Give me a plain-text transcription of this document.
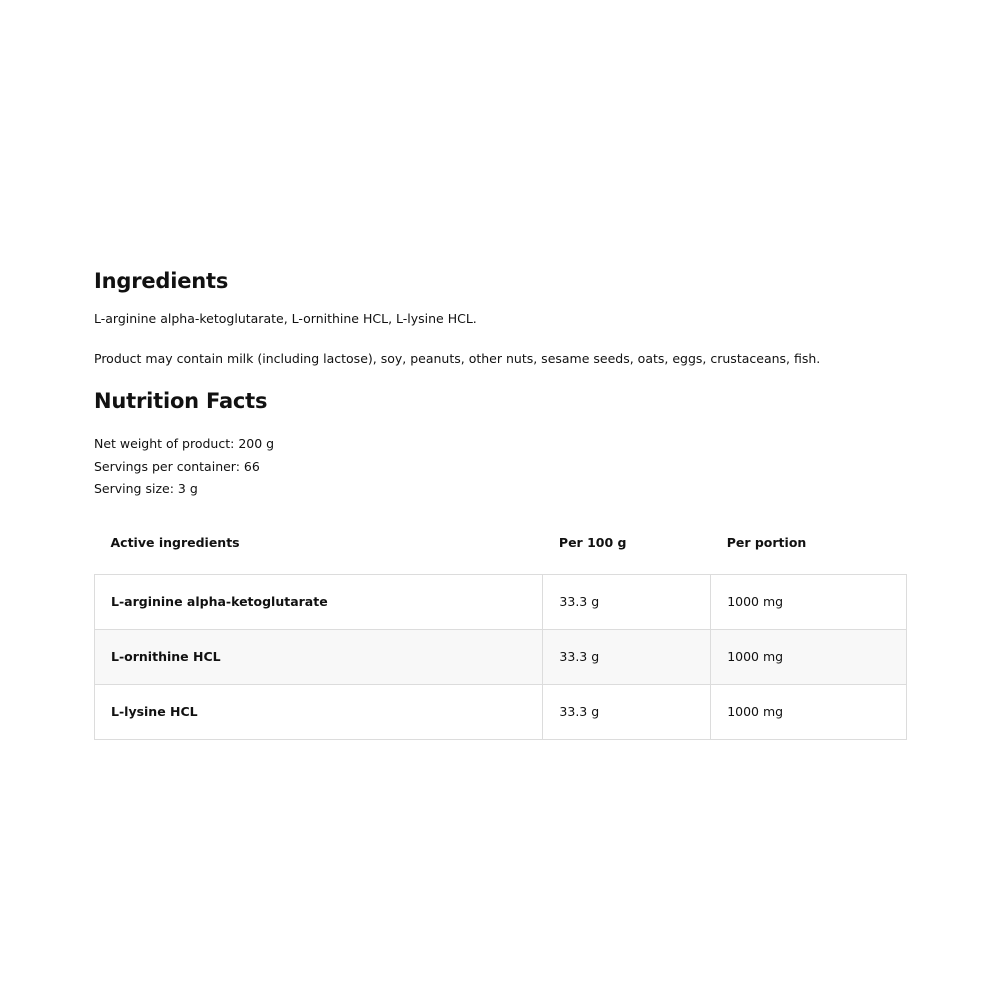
Ingredients

L-arginine alpha-ketoglutarate, L-ornithine HCL, L-lysine HCL.

Product may contain milk (including lactose), soy, peanuts, other nuts, sesame seeds, oats, eggs, crustaceans, fish.

Nutrition Facts
Net weight of product: 200 g
Servings per container: 66
Serving size: 3 g
Active ingredients	Per 100 g	Per portion
L-arginine alpha-ketoglutarate	33.3 g	1000 mg
L-ornithine HCL	33.3 g	1000 mg
L-lysine HCL	33.3 g	1000 mg
